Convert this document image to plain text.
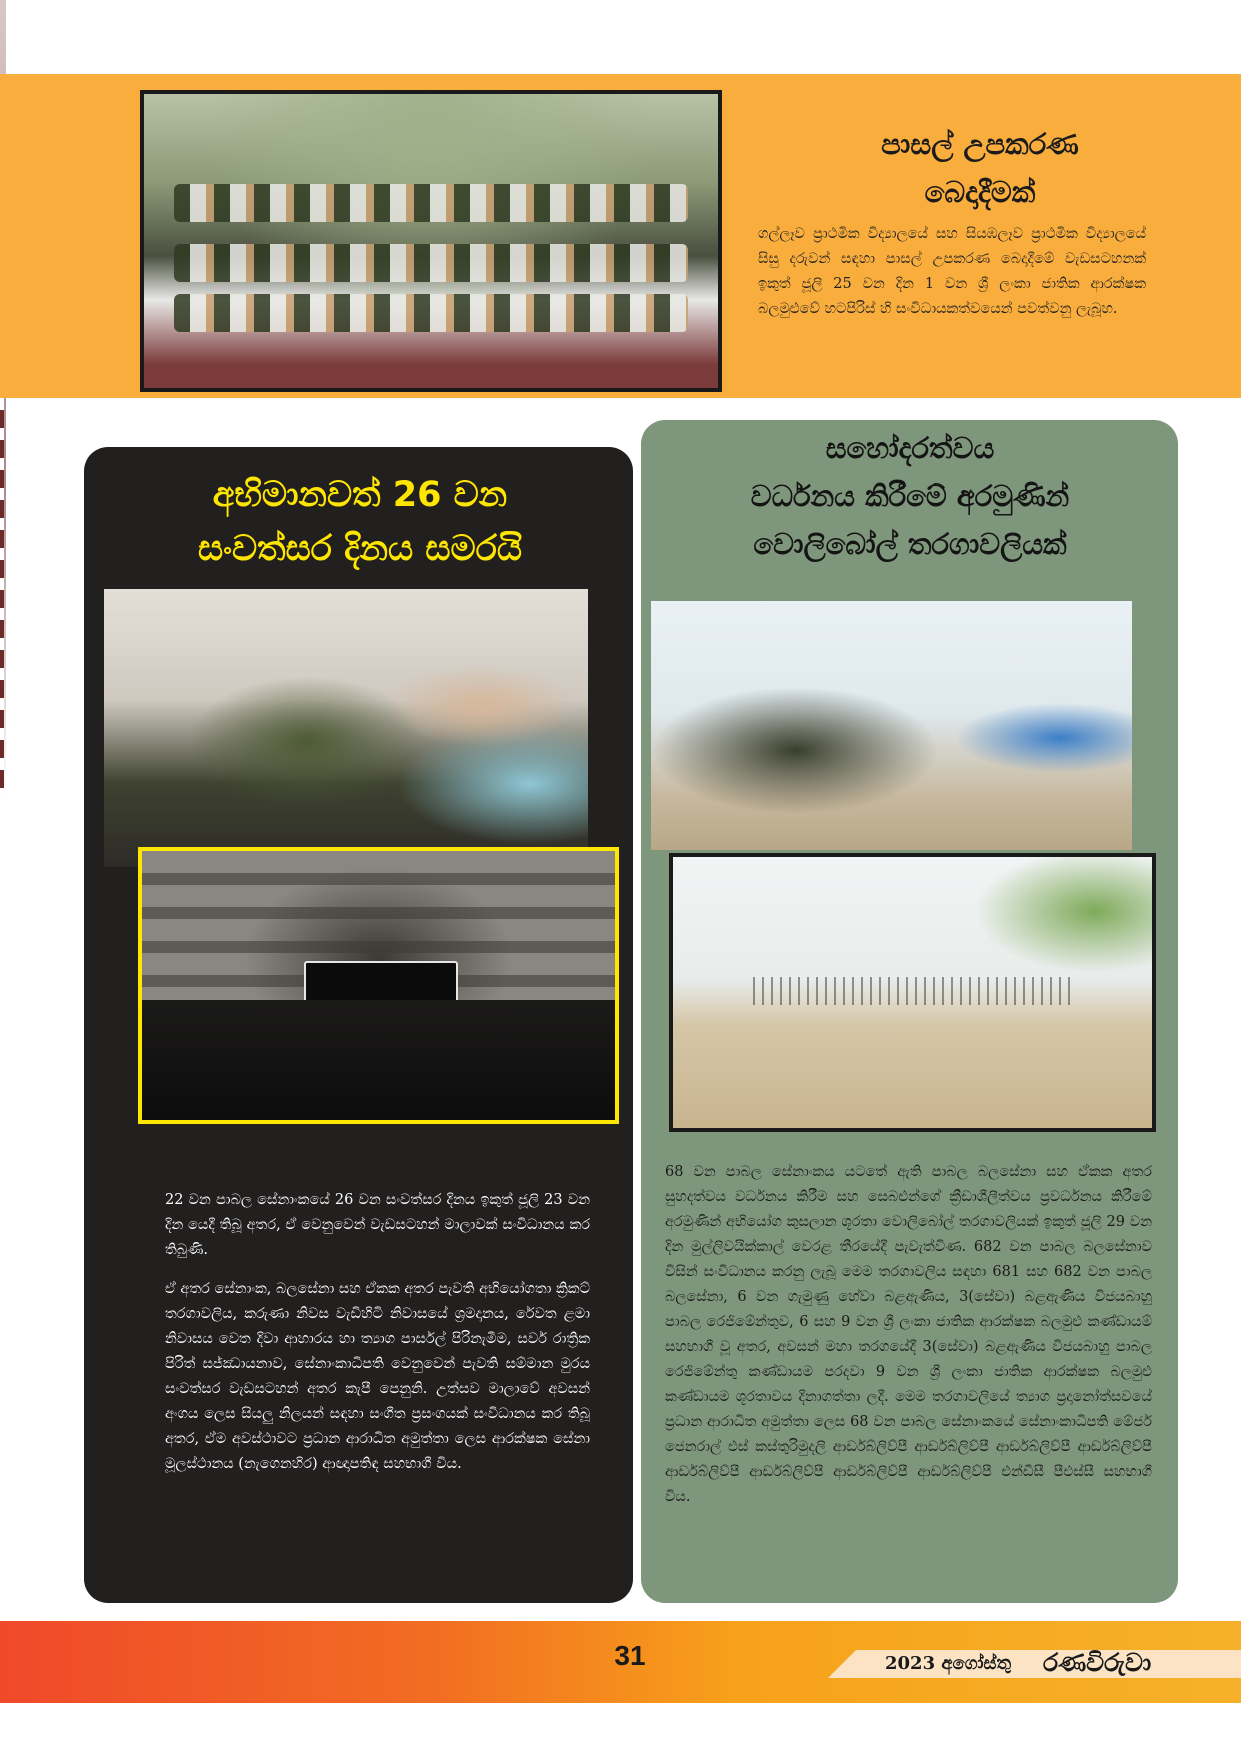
පාසල් උපකරණ
බෙදාදීමක්
ගල්ලෑව ප්‍රාථමික විද්‍යාලයේ සහ සියඹලෑව ප්‍රාථමික විද්‍යාලයේ සිසු දරුවන් සඳහා පාසල් උපකරණ බෙදාදීමේ වැඩසටහනක් ඉකුත් ජූලි 25 වන දින 1 වන ශ්‍රී ලංකා ජාතික ආරක්ෂක බලමුළුවේ හටපිරිස් හි සංවිධායකත්වයෙන් පවත්වනු ලැබූහ.
අභිමානවත් 26 වන
සංවත්සර දිනය සමරයි

22 වන පාබල සේනාංකයේ 26 වන සංවත්සර දිනය ඉකුත් ජූලි 23 වන දින යෙදී තිබූ අතර, ඒ වෙනුවෙන් වැඩසටහන් මාලාවක් සංවිධානය කර තිබුණි.

ඒ අතර සේනාංක, බලසේනා සහ ඒකක අතර පැවති අභියෝගතා ක්‍රිකට් තරගාවලිය, කරුණා නිවස වැඩිහිටි නිවාසයේ ශ්‍රමදානය, රේවත ළමා නිවාසය වෙත දිවා ආහාරය හා ත්‍යාග පාර්සල් පිරිනැමීම, සර්ව රාත්‍රික පිරිත් සජ්ඣායනාව, සේනාංකාධිපති වෙනුවෙන් පැවති සම්මාන මුරය සංවත්සර වැඩසටහන් අතර කැපී පෙනුනි. උත්සව මාලාවේ අවසන් අංගය ලෙස සියලු නිලයන් සඳහා සංගීත ප්‍රසංගයක් සංවිධානය කර තිබූ අතර, ඒම අවස්ථාවට ප්‍රධාන ආරාධිත අමුත්තා ලෙස ආරක්ෂක සේනා මූලස්ථානය (නැගෙනහිර) ආඥාපතිඳ සහභාගී විය.

සහෝදරත්වය
වර්ධනය කිරීමේ අරමුණින්
වොලිබෝල් තරගාවලියක්
68 වන පාබල සේනාංකය යටතේ ඇති පාබල බලසේනා සහ ඒකක අතර සුහදත්වය වර්ධනය කිරීම සහ සෙබළුන්ගේ ක්‍රීඩාශීලීත්වය ප්‍රවර්ධනය කිරීමේ අරමුණින් අභියෝග කුසලාන ශූරතා වොලිබෝල් තරගාවලියක් ඉකුත් ජූලි 29 වන දින මුල්ලිවයික්කාල් වෙරළ තීරයේදී පැවැත්විණ. 682 වන පාබල බලසේනාව විසින් සංවිධානය කරනු ලැබූ මෙම තරගාවලිය සඳහා 681 සහ 682 වන පාබල බලසේනා, 6 වන ගැමුණු හේවා බළඇණිය, 3(සේවා) බළඇණිය විජයබාහු පාබල රෙජිමේන්තුව, 6 සහ 9 වන ශ්‍රී ලංකා ජාතික ආරක්ෂක බලමුළු කණ්ඩායම් සහභාගී වූ අතර, අවසන් මහා තරගයේදී 3(සේවා) බළඇණිය විජයබාහු පාබල රෙජිමේන්තු කණ්ඩායම පරදවා 9 වන ශ්‍රී ලංකා ජාතික ආරක්ෂක බලමුළු කණ්ඩායම ශූරතාවය දිනාගත්තා ලදී. මෙම තරගාවලියේ ත්‍යාග ප්‍රදානෝත්සවයේ ප්‍රධාන ආරාධිත අමුත්තා ලෙස 68 වන පාබල සේනාංකයේ සේනාංකාධිපති මේජර් ජෙනරාල් එස් කස්තුරිමුදලි ආර්ඩබ්ලිව්පී ආර්ඩබ්ලිව්පී ආර්ඩබ්ලිව්පී ආර්ඩබ්ලිව්පී ආර්ඩබ්ලිව්පී ආර්ඩබ්ලිව්පී ආර්ඩබ්ලිව්පී ආර්ඩබ්ලිව්පී එන්ඩීසී පීඑස්සී සහභාගී විය.
31	2023 අගෝස්තු රණවිරුවා
